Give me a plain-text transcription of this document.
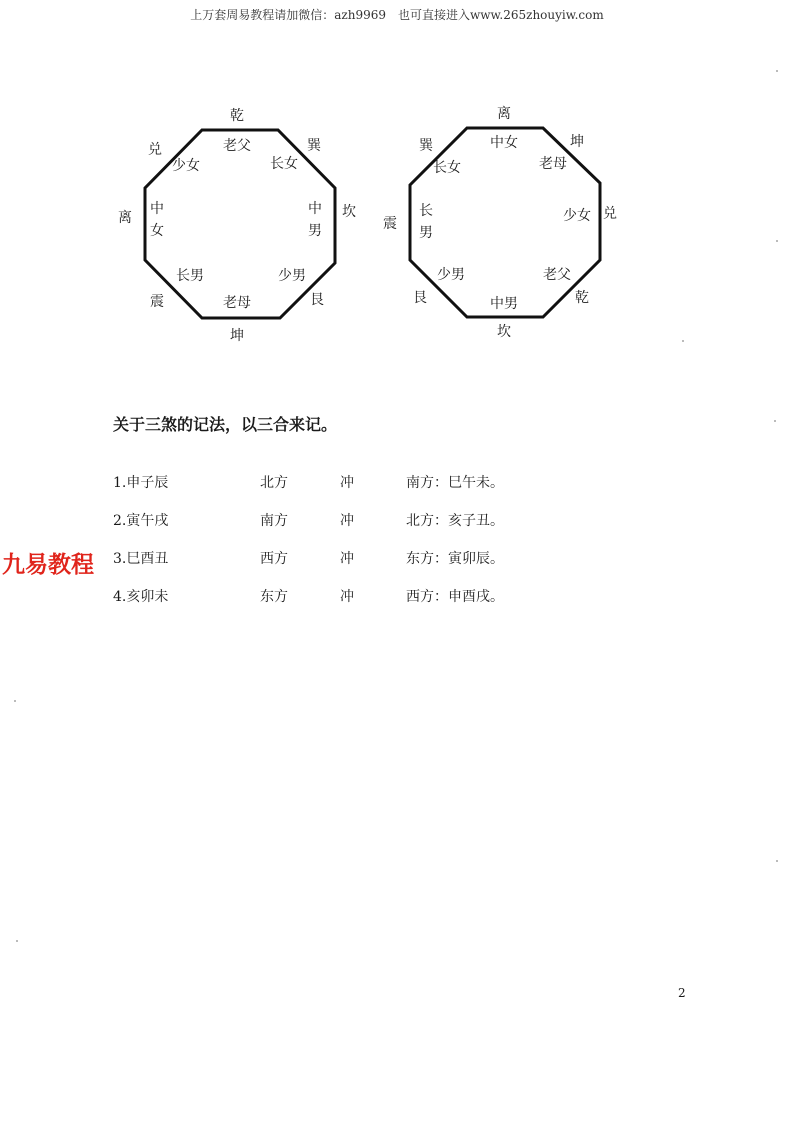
上万套周易教程请加微信：azh9969　也可直接进入www.265zhouyiw.com
乾
巽
坎
艮
坤
震
离
兑	老父
长女
中男
少男
老母
长男
中女
少女
离
坤
兑
乾
坎
艮
震
巽	中女
老母
少女
老父
中男
少男
长男
长女
关于三煞的记法，以三合来记。
1.申子辰	北方	冲	南方：巳午未。
2.寅午戌	南方	冲	北方：亥子丑。
3.巳酉丑	西方	冲	东方：寅卯辰。
4.亥卯未	东方	冲	西方：申酉戌。
九易教程
2
